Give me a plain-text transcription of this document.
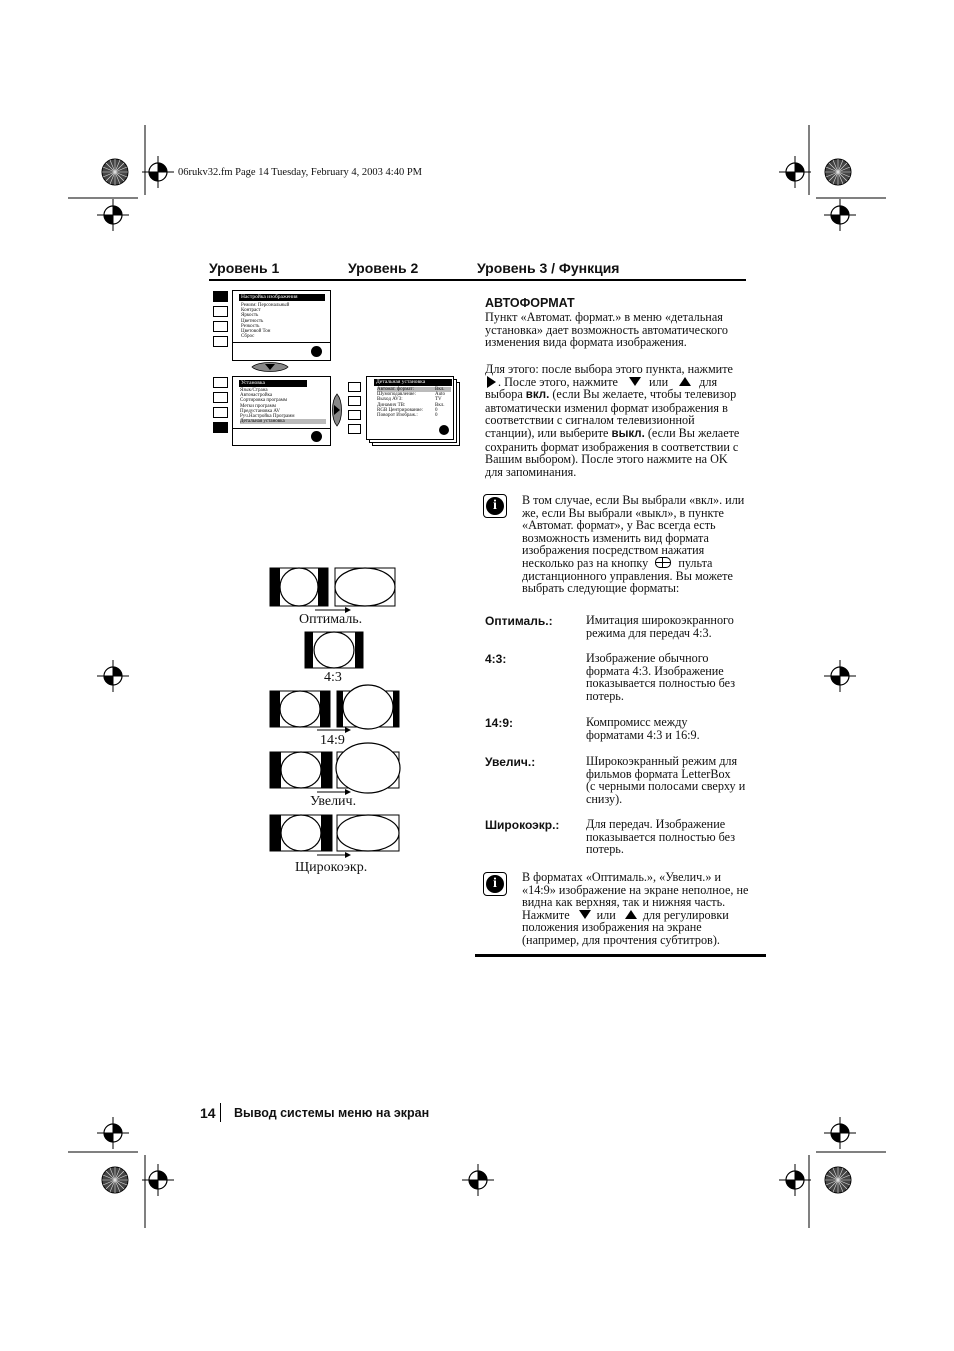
06rukv32.fm Page 14 Tuesday, February 4, 2003 4:40 PM
Уровень 1	Уровень 2	Уровень 3 / Функция
Настройка изображения
Режим: Персональный
Контраст
Яркость
Цветность
Резкость
Цветовой Тон
Сброс
Установка
Язык/Страна
Автонастройка
Сортировка программ
Метки программ
Предустановка AV
Руч.Настройка Программ
Детальная установка
Детальная установка
Автомат. формат:	Вкл.
Шумоподавление:	Auto
Выход AV3:	TV
Динамич TB:	Вкл.
RGB Центрирование: 0
Поворот Изображ.:	0
Оптималь.
4:3
14:9
Увелич.
Щирокоэкр.
АВТОФОРМАТ
Пункт «Автомат. формат.» в меню «детальная
установка» дает возможность автоматического
изменения вида формата изображения.
Для этого: после выбора этого пункта, нажмите
. После этого, нажмите	или	для
выбора вкл. (если Вы желаете, чтобы телевизор
автоматически изменил формат изображения в
соответствии с сигналом телевизионной
станции), или выберите выкл. (если Вы желаете
сохранить формат изображения в соответствии с
Вашим выбором). После этого нажмите на OK
для запоминания.
i	В том случае, если Вы выбрали «вкл». или
же, если Вы выбрали «выкл», в пункте
«Автомат. формат», у Вас всегда есть
возможность изменить вид формата
изображения посредством нажатия
несколько раз на кнопку пульта
дистанционного управления. Вы можете
выбрать следующие форматы:
Оптималь.:	Имитация широкоэкранного
режима для передач 4:3.
4:3:	Изображение обычного
формата 4:3. Изображение
показывается полностью без
потерь.
14:9:	Компромисс между
форматами 4:3 и 16:9.
Увелич.:	Широкоэкранный режим для
фильмов формата LetterBox
(с черными полосами сверху и
снизу).
Широкоэкр.: Для передач. Изображение
показывается полностью без
потерь.
i	В форматах «Оптималь.», «Увелич.» и
«14:9» изображение на экране неполное, не
видна как верхняя, так и нижняя часть.
Нажмите или для регулировки
положения изображения на экране
(например, для прочтения субтитров).
14 Вывод системы меню на экран
